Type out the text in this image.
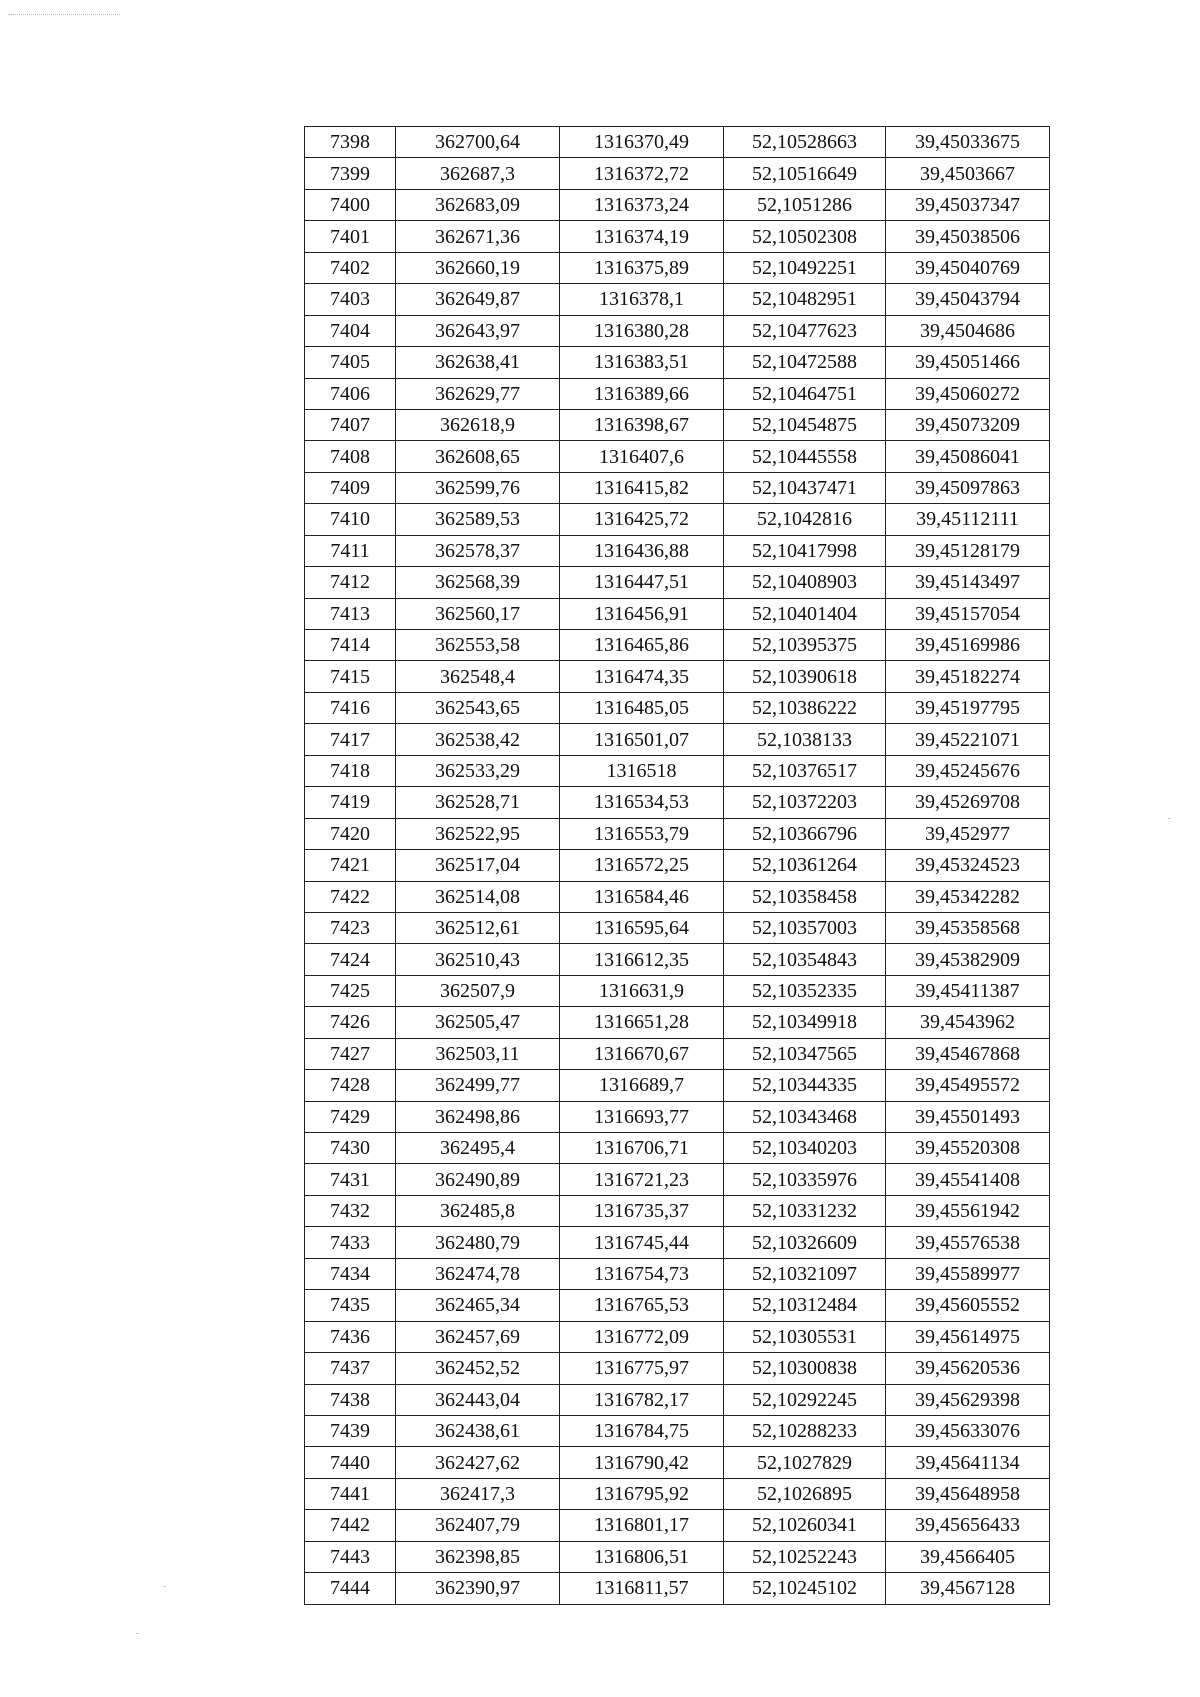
7398	362700,64	1316370,49	52,10528663	39,45033675
7399	362687,3	1316372,72	52,10516649	39,4503667
7400	362683,09	1316373,24	52,1051286	39,45037347
7401	362671,36	1316374,19	52,10502308	39,45038506
7402	362660,19	1316375,89	52,10492251	39,45040769
7403	362649,87	1316378,1	52,10482951	39,45043794
7404	362643,97	1316380,28	52,10477623	39,4504686
7405	362638,41	1316383,51	52,10472588	39,45051466
7406	362629,77	1316389,66	52,10464751	39,45060272
7407	362618,9	1316398,67	52,10454875	39,45073209
7408	362608,65	1316407,6	52,10445558	39,45086041
7409	362599,76	1316415,82	52,10437471	39,45097863
7410	362589,53	1316425,72	52,1042816	39,45112111
7411	362578,37	1316436,88	52,10417998	39,45128179
7412	362568,39	1316447,51	52,10408903	39,45143497
7413	362560,17	1316456,91	52,10401404	39,45157054
7414	362553,58	1316465,86	52,10395375	39,45169986
7415	362548,4	1316474,35	52,10390618	39,45182274
7416	362543,65	1316485,05	52,10386222	39,45197795
7417	362538,42	1316501,07	52,1038133	39,45221071
7418	362533,29	1316518	52,10376517	39,45245676
7419	362528,71	1316534,53	52,10372203	39,45269708
7420	362522,95	1316553,79	52,10366796	39,452977
7421	362517,04	1316572,25	52,10361264	39,45324523
7422	362514,08	1316584,46	52,10358458	39,45342282
7423	362512,61	1316595,64	52,10357003	39,45358568
7424	362510,43	1316612,35	52,10354843	39,45382909
7425	362507,9	1316631,9	52,10352335	39,45411387
7426	362505,47	1316651,28	52,10349918	39,4543962
7427	362503,11	1316670,67	52,10347565	39,45467868
7428	362499,77	1316689,7	52,10344335	39,45495572
7429	362498,86	1316693,77	52,10343468	39,45501493
7430	362495,4	1316706,71	52,10340203	39,45520308
7431	362490,89	1316721,23	52,10335976	39,45541408
7432	362485,8	1316735,37	52,10331232	39,45561942
7433	362480,79	1316745,44	52,10326609	39,45576538
7434	362474,78	1316754,73	52,10321097	39,45589977
7435	362465,34	1316765,53	52,10312484	39,45605552
7436	362457,69	1316772,09	52,10305531	39,45614975
7437	362452,52	1316775,97	52,10300838	39,45620536
7438	362443,04	1316782,17	52,10292245	39,45629398
7439	362438,61	1316784,75	52,10288233	39,45633076
7440	362427,62	1316790,42	52,1027829	39,45641134
7441	362417,3	1316795,92	52,1026895	39,45648958
7442	362407,79	1316801,17	52,10260341	39,45656433
7443	362398,85	1316806,51	52,10252243	39,4566405
7444	362390,97	1316811,57	52,10245102	39,4567128
